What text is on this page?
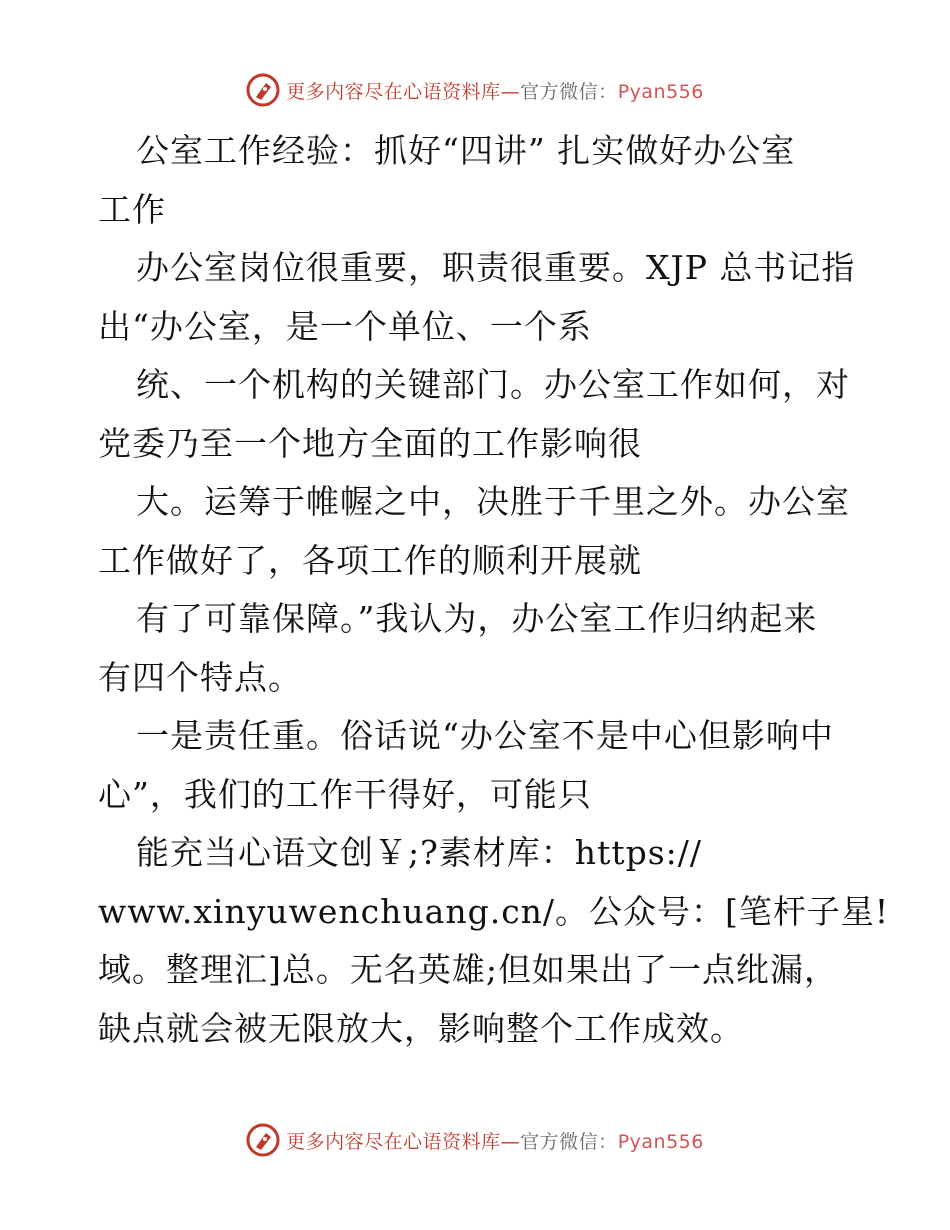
更多内容尽在心语资料库—官方微信：Pyan556
公室工作经验：抓好“四讲” 扎实做好办公室
工作
办公室岗位很重要，职责很重要。XJP 总书记指
出“办公室，是一个单位、一个系
统、一个机构的关键部门。办公室工作如何，对
党委乃至一个地方全面的工作影响很
大。运筹于帷幄之中，决胜于千里之外。办公室
工作做好了，各项工作的顺利开展就
有了可靠保障。”我认为，办公室工作归纳起来
有四个特点。
一是责任重。俗话说“办公室不是中心但影响中
心”，我们的工作干得好，可能只
能充当心语文创￥;?素材库：https://
www.xinyuwenchuang.cn/。公众号：[笔杆子星!
域。整理汇]总。无名英雄;但如果出了一点纰漏，
缺点就会被无限放大，影响整个工作成效。
更多内容尽在心语资料库—官方微信：Pyan556
